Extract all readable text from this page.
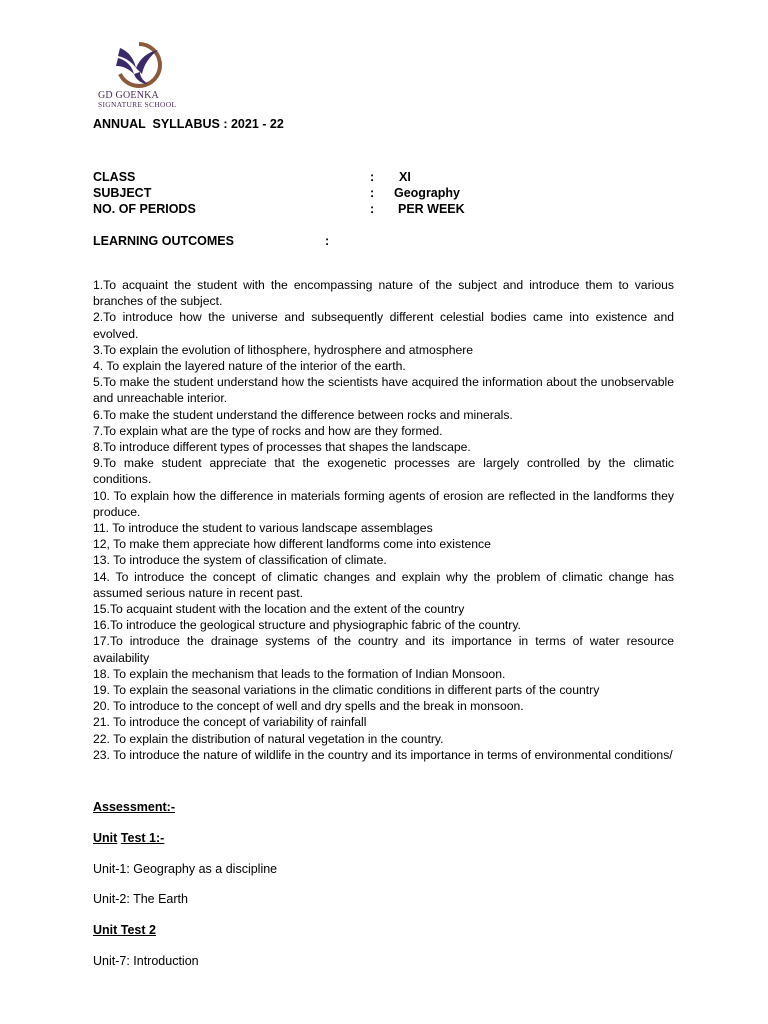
GD GOENKA
SIGNATURE SCHOOL
ANNUAL  SYLLABUS : 2021 - 22
CLASS	: XI
SUBJECT	: Geography
NO. OF PERIODS	: PER WEEK
LEARNING OUTCOMES	:

1.To acquaint the student with the encompassing nature of the subject and introduce them to various branches of the subject.

2.To introduce how the universe and subsequently different celestial bodies came into existence and evolved.

3.To explain the evolution of lithosphere, hydrosphere and atmosphere

4. To explain the layered nature of the interior of the earth.

5.To make the student understand how the scientists have acquired the information about the unobservable and unreachable interior.

6.To make the student understand the difference between rocks and minerals.

7.To explain what are the type of rocks and how are they formed.

8.To introduce different types of processes that shapes the landscape.

9.To make student appreciate that the exogenetic processes are largely controlled by the climatic conditions.

10. To explain how the difference in materials forming agents of erosion are reflected in the landforms they produce.

11. To introduce the student to various landscape assemblages

12, To make them appreciate how different landforms come into existence

13. To introduce the system of classification of climate.

14. To introduce the concept of climatic changes and explain why the problem of climatic change has assumed serious nature in recent past.

15.To acquaint student with the location and the extent of the country

16.To introduce the geological structure and physiographic fabric of the country.

17.To introduce the drainage systems of the country and its importance in terms of water resource availability

18. To explain the mechanism that leads to the formation of Indian Monsoon.

19. To explain the seasonal variations in the climatic conditions in different parts of the country

20. To introduce to the concept of well and dry spells and the break in monsoon.

21. To introduce the concept of variability of rainfall

22. To explain the distribution of natural vegetation in the country.

23. To introduce the nature of wildlife in the country and its importance in terms of environmental conditions/

Assessment:-
Unit Test 1:-
Unit-1: Geography as a discipline
Unit-2: The Earth
Unit Test 2
Unit-7: Introduction
